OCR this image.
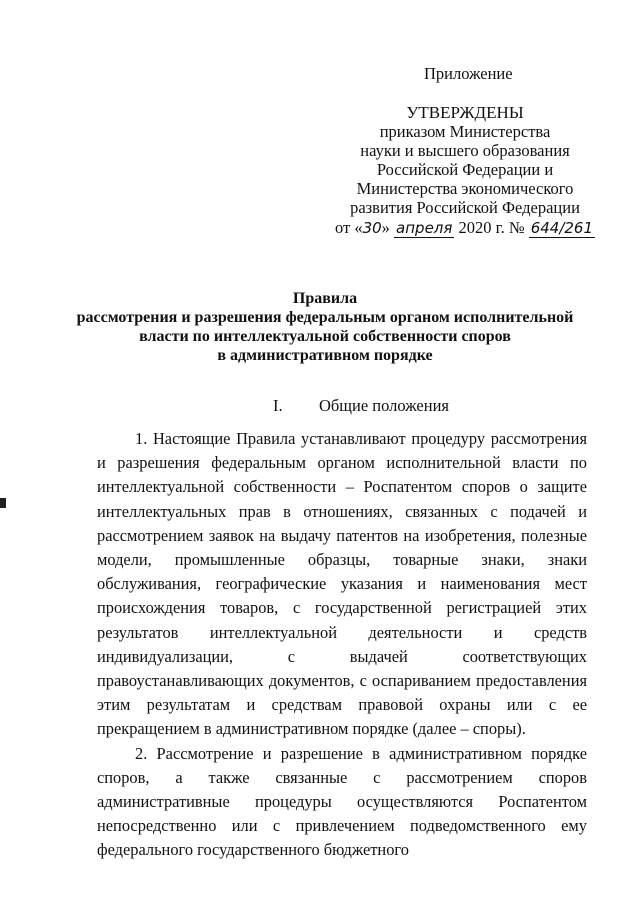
Приложение
УТВЕРЖДЕНЫ
приказом Министерства
науки и высшего образования
Российской Федерации и
Министерства экономического
развития Российской Федерации
от «30» апреля 2020 г. № 644/261
Правила
рассмотрения и разрешения федеральным органом исполнительной
власти по интеллектуальной собственности споров
в административном порядке
I. Общие положения

1. Настоящие Правила устанавливают процедуру рассмотрения и разрешения федеральным органом исполнительной власти по интеллектуальной собственности – Роспатентом споров о защите интеллектуальных прав в отношениях, связанных с подачей и рассмотрением заявок на выдачу патентов на изобретения, полезные модели, промышленные образцы, товарные знаки, знаки обслуживания, географические указания и наименования мест происхождения товаров, с государственной регистрацией этих результатов интеллектуальной деятельности и средств индивидуализации, с выдачей соответствующих правоустанавливающих документов, с оспариванием предоставления этим результатам и средствам правовой охраны или с ее прекращением в административном порядке (далее – споры).

2. Рассмотрение и разрешение в административном порядке споров, а также связанные с рассмотрением споров административные процедуры осуществляются Роспатентом непосредственно или с привлечением подведомственного ему федерального государственного бюджетного
